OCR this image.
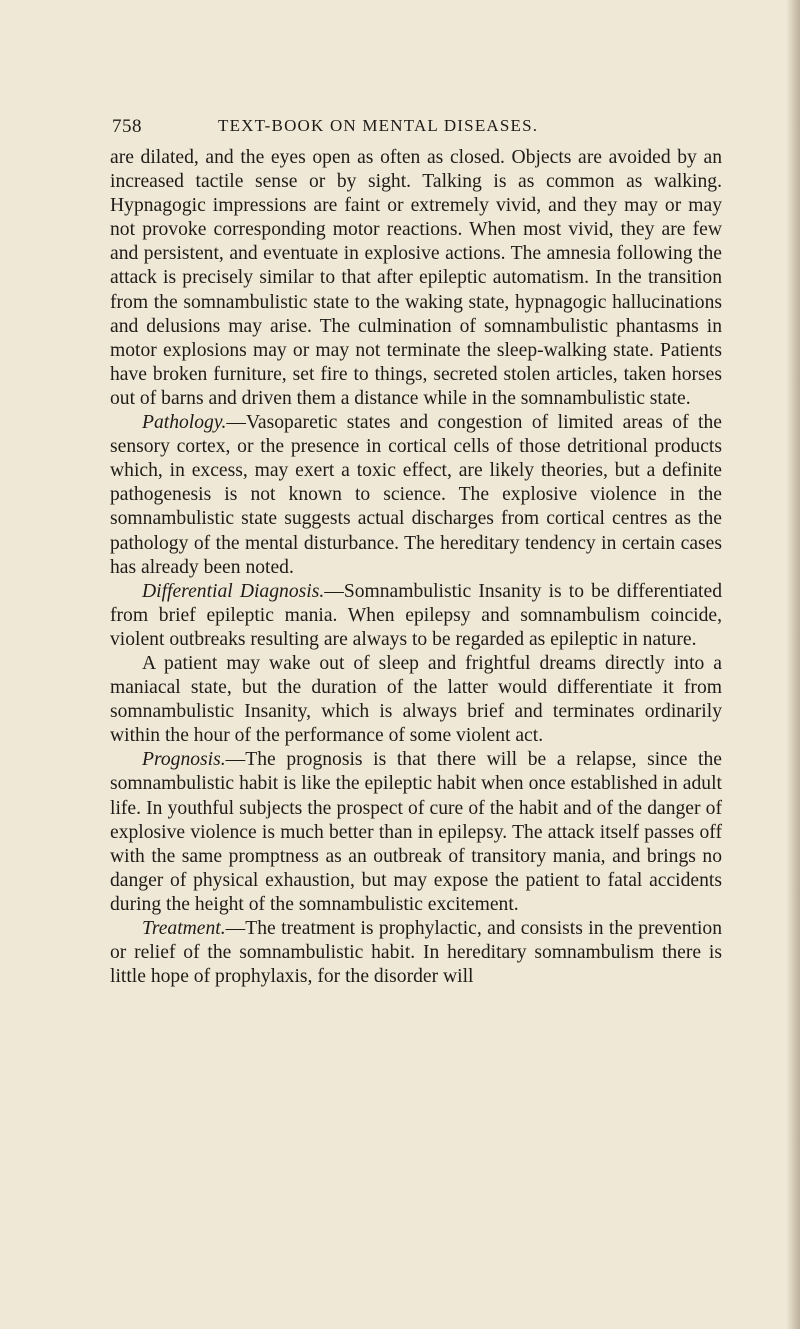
758	TEXT-BOOK ON MENTAL DISEASES.

are dilated, and the eyes open as often as closed. Objects are avoided by an increased tactile sense or by sight. Talking is as common as walking. Hypnagogic impressions are faint or extremely vivid, and they may or may not provoke corresponding motor reactions. When most vivid, they are few and persistent, and eventuate in explosive actions. The amnesia following the attack is precisely similar to that after epileptic automatism. In the transition from the somnambulistic state to the waking state, hypnagogic hallucinations and delusions may arise. The culmination of somnambulistic phantasms in motor explosions may or may not terminate the sleep-walking state. Patients have broken furniture, set fire to things, secreted stolen articles, taken horses out of barns and driven them a distance while in the somnambulistic state.

Pathology.—Vasoparetic states and congestion of limited areas of the sensory cortex, or the presence in cortical cells of those detritional products which, in excess, may exert a toxic effect, are likely theories, but a definite pathogenesis is not known to science. The explosive violence in the somnambulistic state suggests actual discharges from cortical centres as the pathology of the mental disturbance. The hereditary tendency in certain cases has already been noted.

Differential Diagnosis.—Somnambulistic Insanity is to be differentiated from brief epileptic mania. When epilepsy and somnambulism coincide, violent outbreaks resulting are always to be regarded as epileptic in nature.

A patient may wake out of sleep and frightful dreams directly into a maniacal state, but the duration of the latter would differentiate it from somnambulistic Insanity, which is always brief and terminates ordinarily within the hour of the performance of some violent act.

Prognosis.—The prognosis is that there will be a relapse, since the somnambulistic habit is like the epileptic habit when once established in adult life. In youthful subjects the prospect of cure of the habit and of the danger of explosive violence is much better than in epilepsy. The attack itself passes off with the same promptness as an outbreak of transitory mania, and brings no danger of physical exhaustion, but may expose the patient to fatal accidents during the height of the somnambulistic excitement.

Treatment.—The treatment is prophylactic, and consists in the prevention or relief of the somnambulistic habit. In hereditary somnambulism there is little hope of prophylaxis, for the disorder will
